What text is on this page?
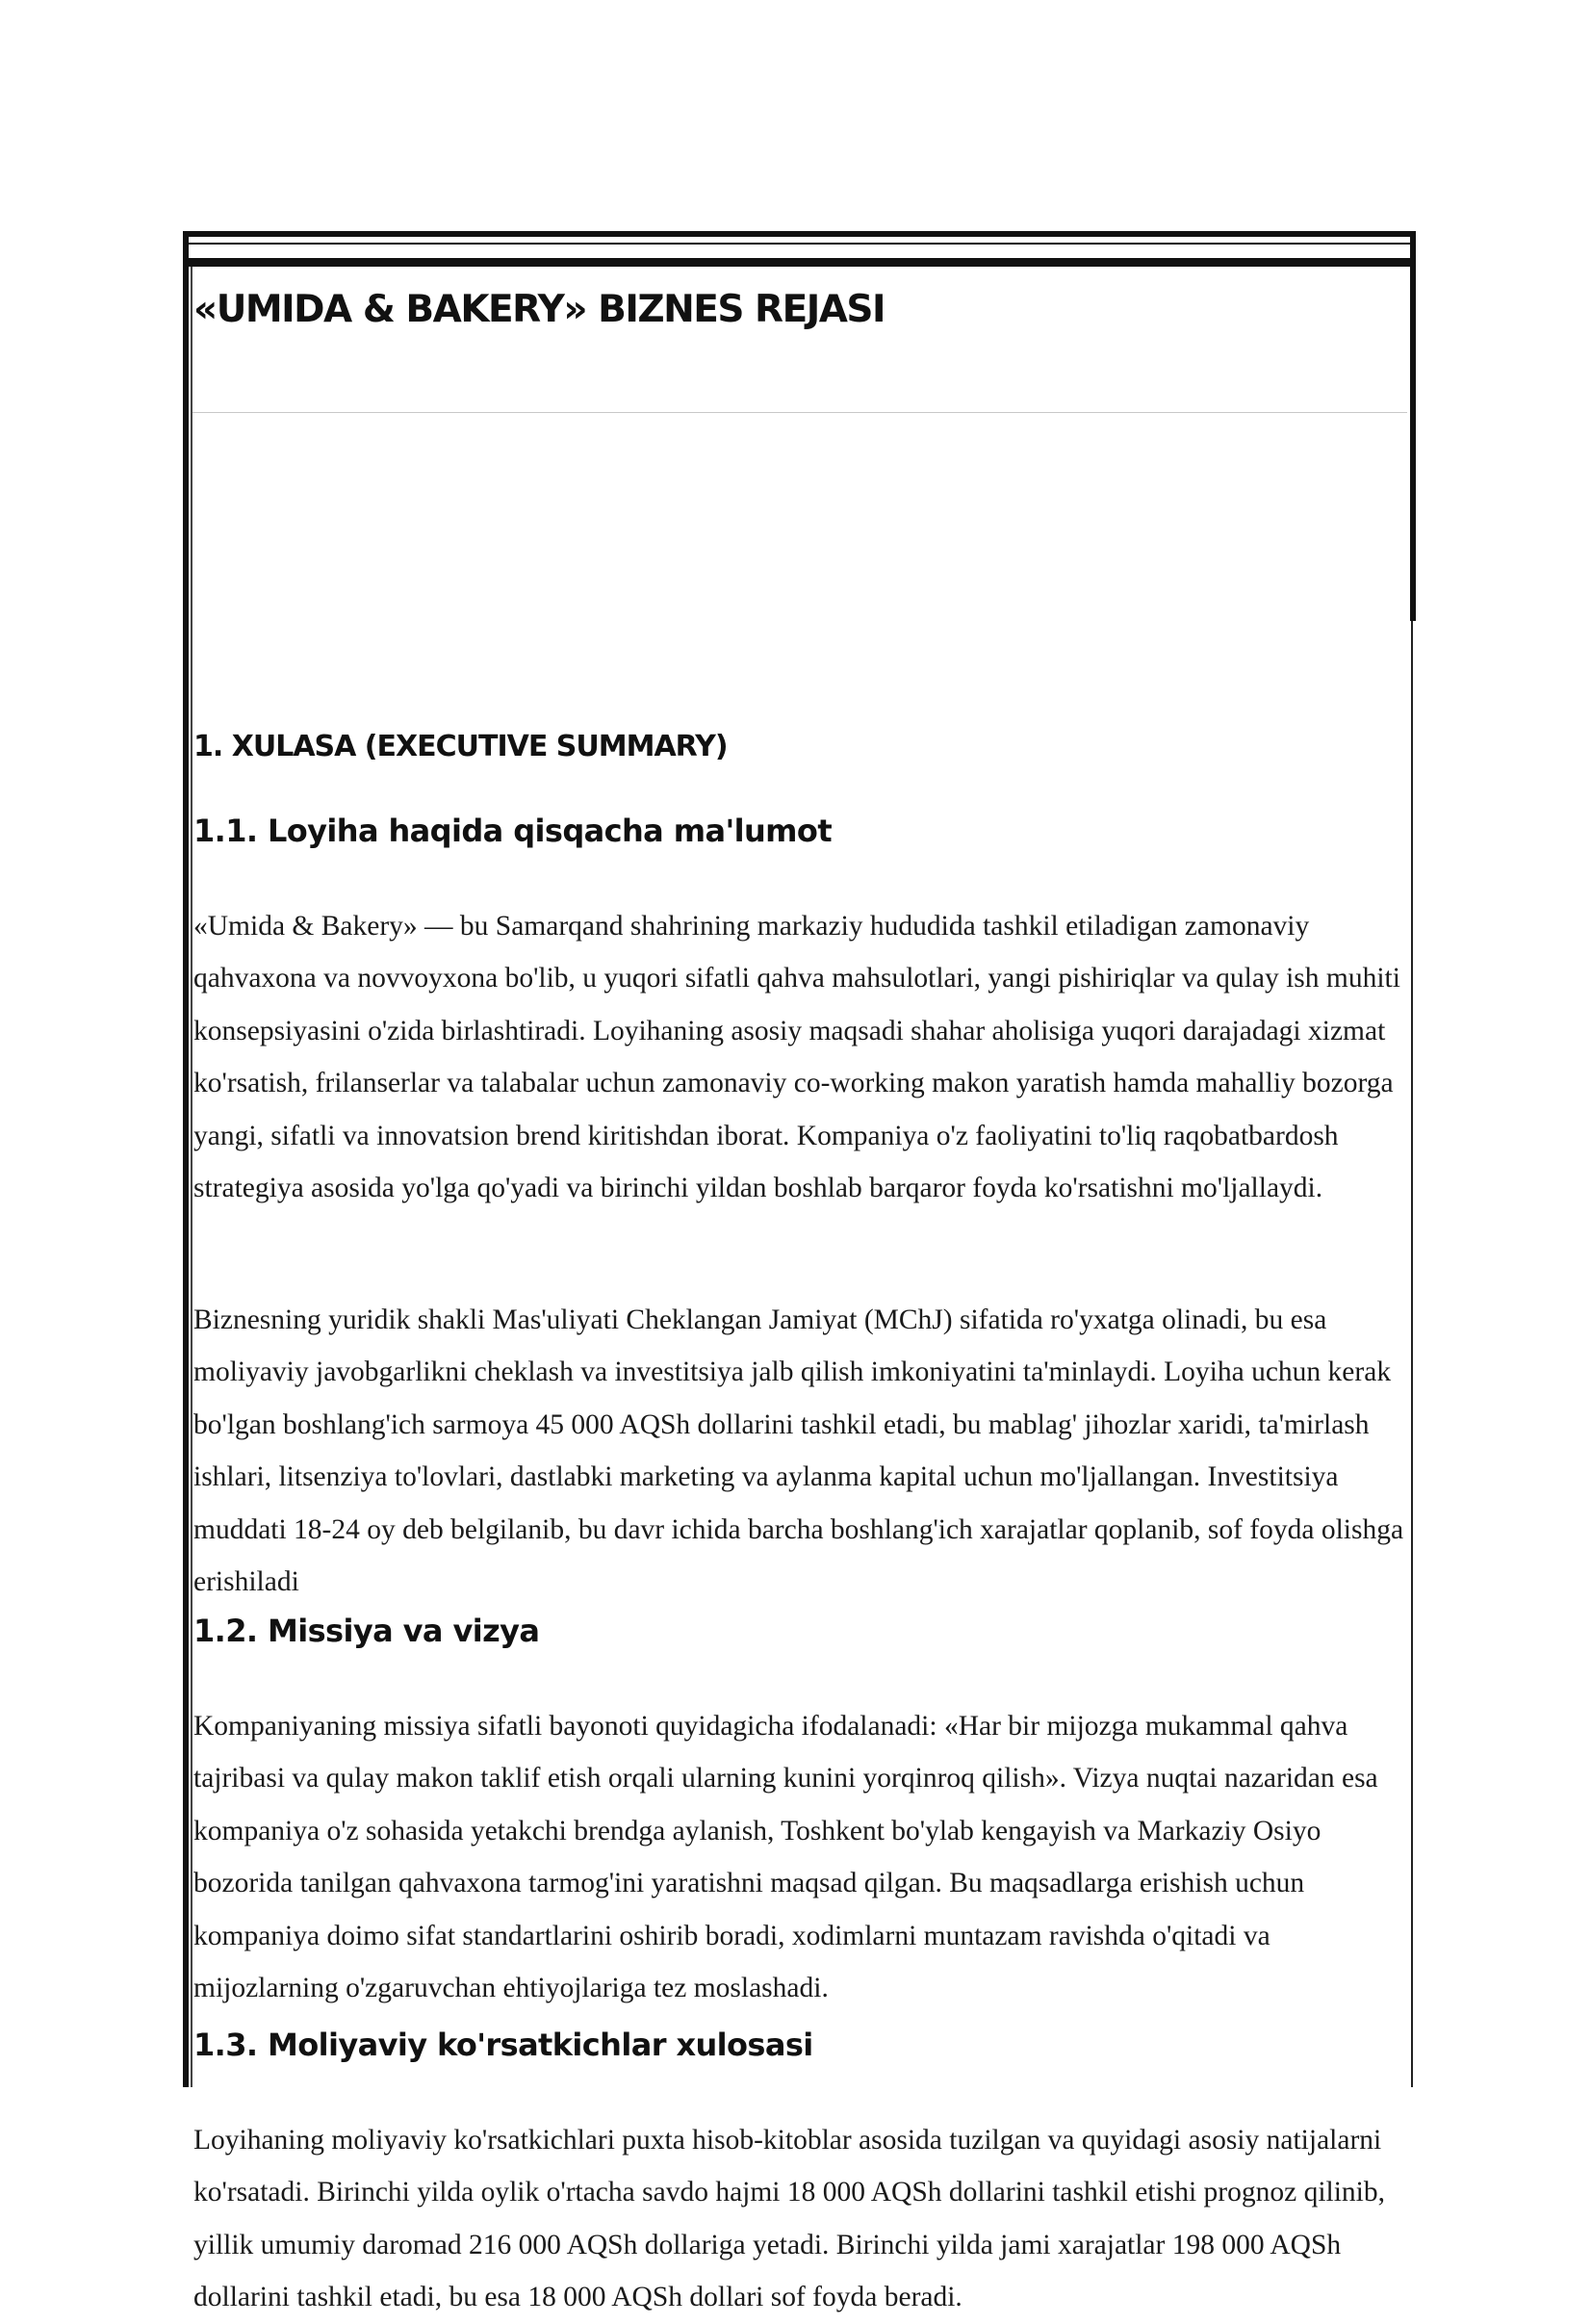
«UMIDA & BAKERY» BIZNES REJASI
1. XULASA (EXECUTIVE SUMMARY)
1.1. Loyiha haqida qisqacha ma'lumot

«Umida & Bakery» — bu Samarqand shahrining markaziy hududida tashkil etiladigan zamonaviy qahvaxona va novvoyxona bo'lib, u yuqori sifatli qahva mahsulotlari, yangi pishiriqlar va qulay ish muhiti konsepsiyasini o'zida birlashtiradi. Loyihaning asosiy maqsadi shahar aholisiga yuqori darajadagi xizmat ko'rsatish, frilanserlar va talabalar uchun zamonaviy co-working makon yaratish hamda mahalliy bozorga yangi, sifatli va innovatsion brend kiritishdan iborat. Kompaniya o'z faoliyatini to'liq raqobatbardosh strategiya asosida yo'lga qo'yadi va birinchi yildan boshlab barqaror foyda ko'rsatishni mo'ljallaydi.

Biznesning yuridik shakli Mas'uliyati Cheklangan Jamiyat (MChJ) sifatida ro'yxatga olinadi, bu esa moliyaviy javobgarlikni cheklash va investitsiya jalb qilish imkoniyatini ta'minlaydi. Loyiha uchun kerak bo'lgan boshlang'ich sarmoya 45 000 AQSh dollarini tashkil etadi, bu mablag' jihozlar xaridi, ta'mirlash ishlari, litsenziya to'lovlari, dastlabki marketing va aylanma kapital uchun mo'ljallangan. Investitsiya muddati 18-24 oy deb belgilanib, bu davr ichida barcha boshlang'ich xarajatlar qoplanib, sof foyda olishga erishiladi

1.2. Missiya va vizya

Kompaniyaning missiya sifatli bayonoti quyidagicha ifodalanadi: «Har bir mijozga mukammal qahva tajribasi va qulay makon taklif etish orqali ularning kunini yorqinroq qilish». Vizya nuqtai nazaridan esa kompaniya o'z sohasida yetakchi brendga aylanish, Toshkent bo'ylab kengayish va Markaziy Osiyo bozorida tanilgan qahvaxona tarmog'ini yaratishni maqsad qilgan. Bu maqsadlarga erishish uchun kompaniya doimo sifat standartlarini oshirib boradi, xodimlarni muntazam ravishda o'qitadi va mijozlarning o'zgaruvchan ehtiyojlariga tez moslashadi.

1.3. Moliyaviy ko'rsatkichlar xulosasi

Loyihaning moliyaviy ko'rsatkichlari puxta hisob-kitoblar asosida tuzilgan va quyidagi asosiy natijalarni ko'rsatadi. Birinchi yilda oylik o'rtacha savdo hajmi 18 000 AQSh dollarini tashkil etishi prognoz qilinib, yillik umumiy daromad 216 000 AQSh dollariga yetadi. Birinchi yilda jami xarajatlar 198 000 AQSh dollarini tashkil etadi, bu esa 18 000 AQSh dollari sof foyda beradi.
